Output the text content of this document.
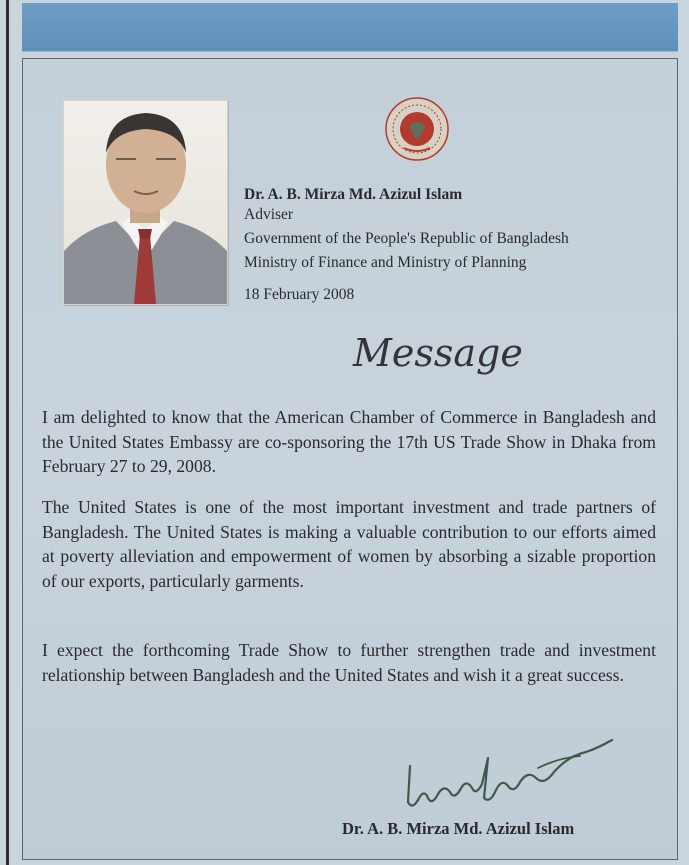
Dr. A. B. Mirza Md. Azizul Islam
Adviser
Government of the People's Republic of Bangladesh
Ministry of Finance and Ministry of Planning
18 February 2008
Message
I am delighted to know that the American Chamber of Commerce in Bangladesh and the United States Embassy are co-sponsoring the 17th US Trade Show in Dhaka from February 27 to 29, 2008.
The United States is one of the most important investment and trade partners of Bangladesh. The United States is making a valuable contribution to our efforts aimed at poverty alleviation and empowerment of women by absorbing a sizable proportion of our exports, particularly garments.
I expect the forthcoming Trade Show to further strengthen trade and investment relationship between Bangladesh and the United States and wish it a great success.
Dr. A. B. Mirza Md. Azizul Islam
